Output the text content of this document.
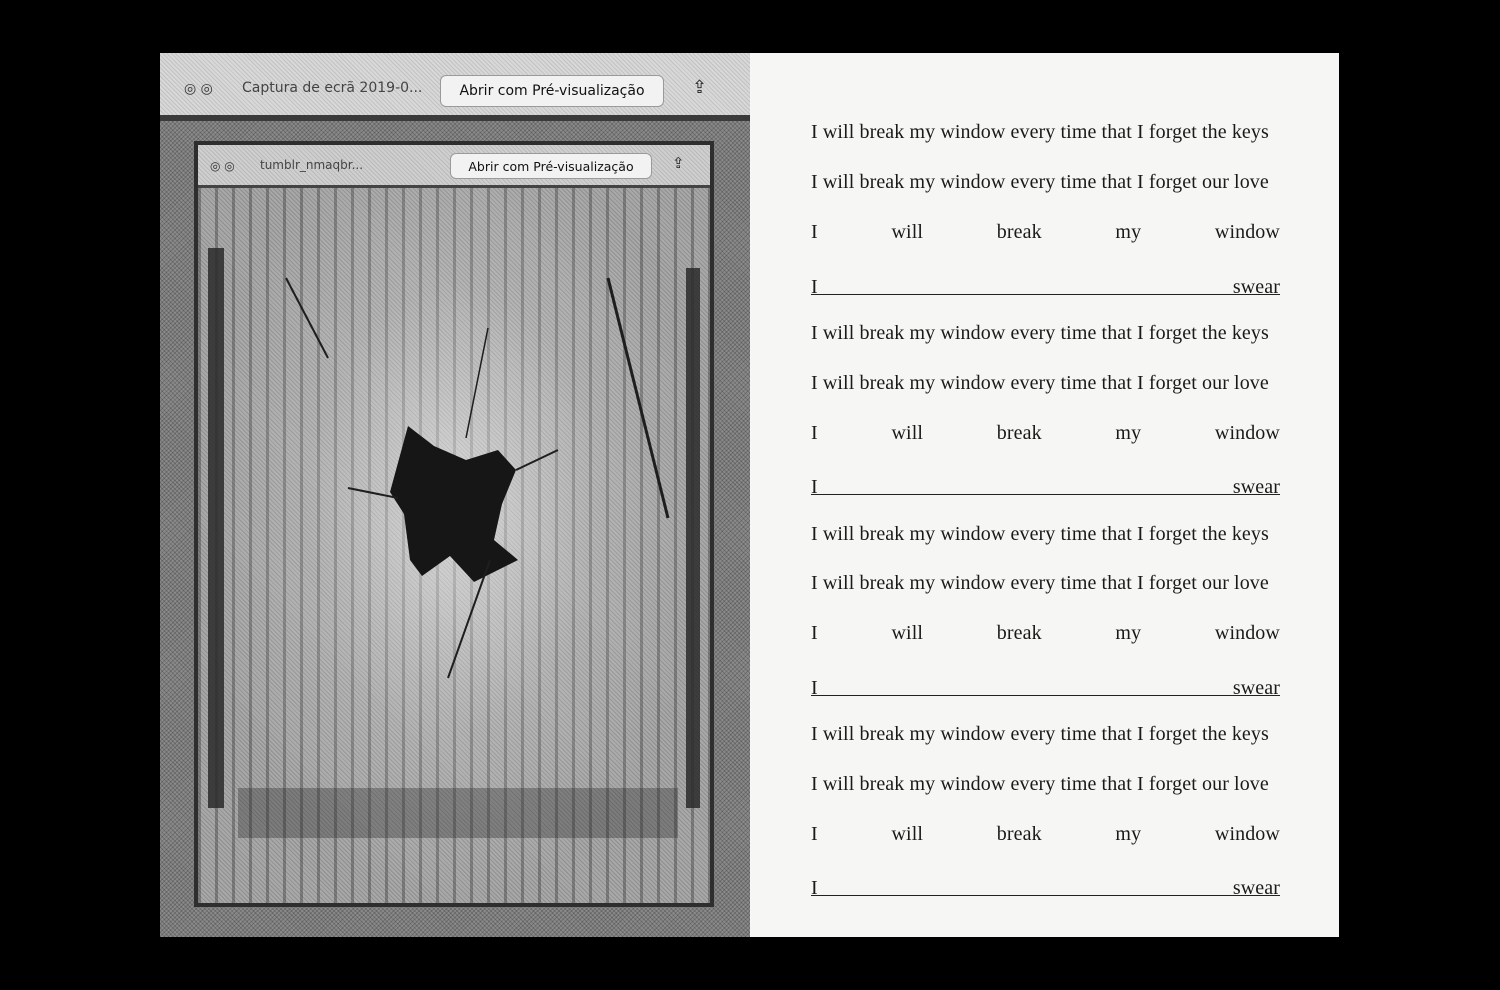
◎ ◎ Captura de ecrã 2019-0...	Abrir com Pré-visualização	⇪
◎ ◎ tumblr_nmaqbr...	Abrir com Pré-visualização	⇪
I will break my window every time that I forget the keys
I will break my window every time that I forget our love
I	will	break	my	window
I	swear
I will break my window every time that I forget the keys
I will break my window every time that I forget our love
I	will	break	my	window
I	swear
I will break my window every time that I forget the keys
I will break my window every time that I forget our love
I	will	break	my	window
I	swear
I will break my window every time that I forget the keys
I will break my window every time that I forget our love
I	will	break	my	window
I	swear
